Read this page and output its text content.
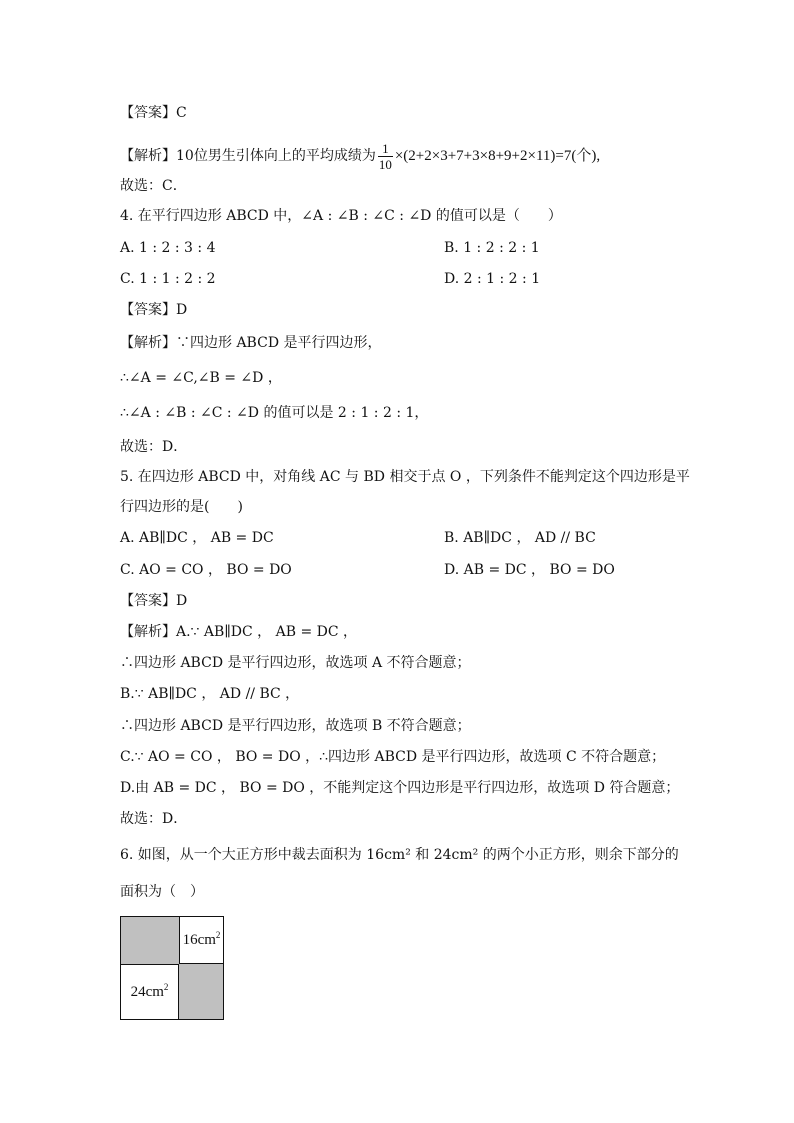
【答案】C
【解析】10位男生引体向上的平均成绩为 $\frac{1}{10} \times(2+2\times 3+7+3\times 8+9+2\times 11)=7$(个),
故选：C．
4. 在平行四边形 ABCD 中，∠A : ∠B : ∠C : ∠D 的值可以是（　　）
A. 1 : 2 : 3 : 4	B. 1 : 2 : 2 : 1
C. 1 : 1 : 2 : 2	D. 2 : 1 : 2 : 1
【答案】D
【解析】∵四边形 ABCD 是平行四边形，
∴∠A = ∠C,∠B = ∠D ，
∴∠A : ∠B : ∠C : ∠D 的值可以是 2 : 1 : 2 : 1，
故选：D．
5. 在四边形 ABCD 中，对角线 AC 与 BD 相交于点 O ，下列条件不能判定这个四边形是平
行四边形的是(　　)
A. AB∥DC ， AB = DC	B. AB∥DC ， AD // BC
C. AO = CO ， BO = DO	D. AB = DC ， BO = DO
【答案】D
【解析】A.∵ AB∥DC ， AB = DC ，
∴四边形 ABCD 是平行四边形，故选项 A 不符合题意；
B.∵ AB∥DC ， AD // BC ，
∴四边形 ABCD 是平行四边形，故选项 B 不符合题意；
C.∵ AO = CO ， BO = DO ，∴四边形 ABCD 是平行四边形，故选项 C 不符合题意；
D.由 AB = DC ， BO = DO ，不能判定这个四边形是平行四边形，故选项 D 符合题意；
故选：D．
6. 如图，从一个大正方形中裁去面积为 16cm² 和 24cm² 的两个小正方形，则余下部分的
面积为（　）
$16cm^2$
$24cm^2$
